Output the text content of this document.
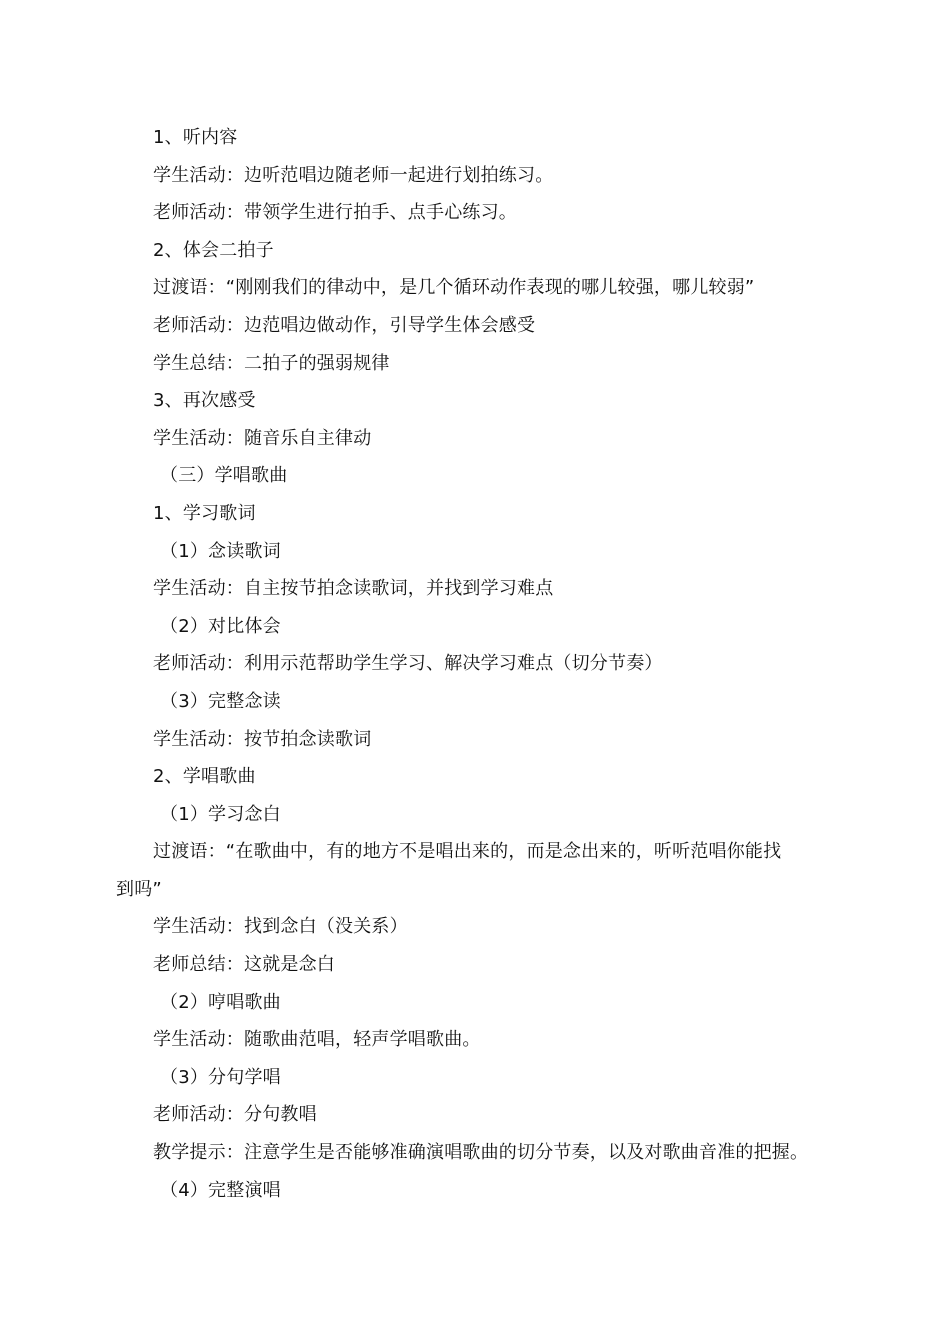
1、听内容
学生活动：边听范唱边随老师一起进行划拍练习。
老师活动：带领学生进行拍手、点手心练习。
2、体会二拍子
过渡语：“刚刚我们的律动中，是几个循环动作表现的哪儿较强，哪儿较弱”
老师活动：边范唱边做动作，引导学生体会感受
学生总结：二拍子的强弱规律
3、再次感受
学生活动：随音乐自主律动
（三）学唱歌曲
1、学习歌词
（1）念读歌词
学生活动：自主按节拍念读歌词，并找到学习难点
（2）对比体会
老师活动：利用示范帮助学生学习、解决学习难点（切分节奏）
（3）完整念读
学生活动：按节拍念读歌词
2、学唱歌曲
（1）学习念白
过渡语：“在歌曲中，有的地方不是唱出来的，而是念出来的，听听范唱你能找
到吗”
学生活动：找到念白（没关系）
老师总结：这就是念白
（2）哼唱歌曲
学生活动：随歌曲范唱，轻声学唱歌曲。
（3）分句学唱
老师活动：分句教唱
教学提示：注意学生是否能够准确演唱歌曲的切分节奏，以及对歌曲音准的把握。
（4）完整演唱
